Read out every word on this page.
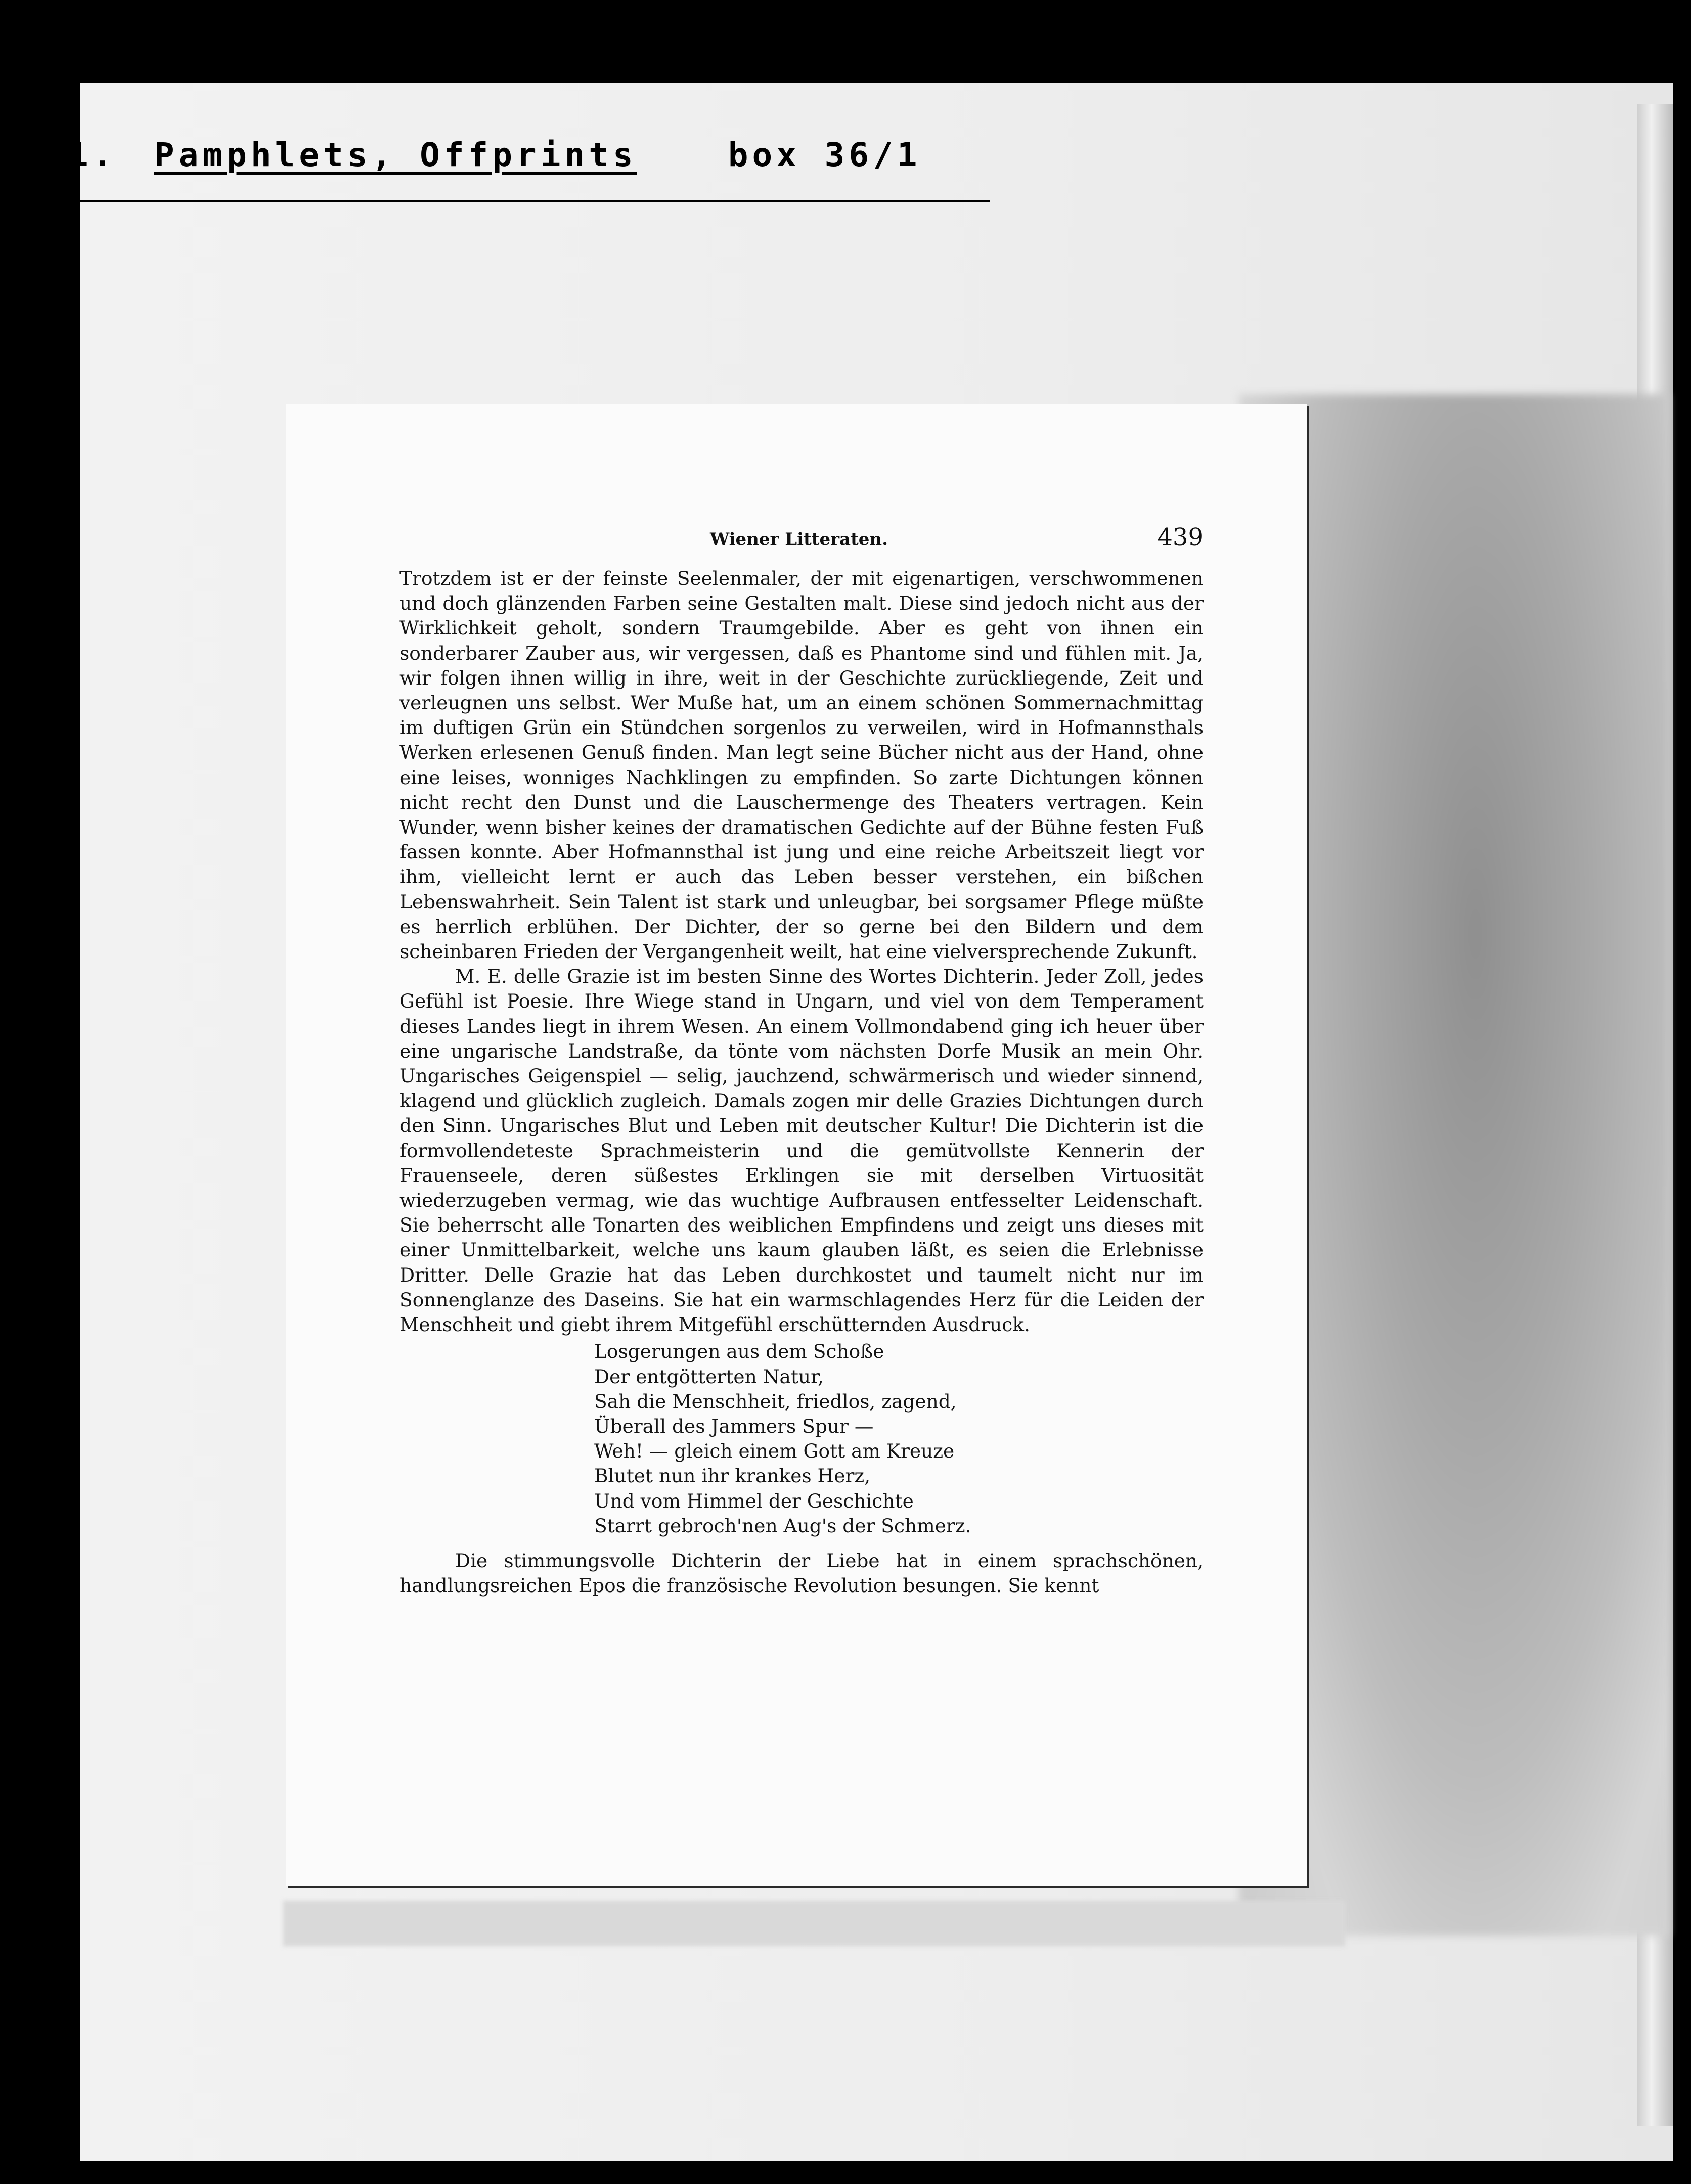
1. Pamphlets, Offprints	box 36/1
Wiener Litteraten.	439

Trotzdem ist er der feinste Seelenmaler, der mit eigenartigen, verschwommenen und doch glänzenden Farben seine Gestalten malt. Diese sind jedoch nicht aus der Wirklichkeit geholt, sondern Traumgebilde. Aber es geht von ihnen ein sonderbarer Zauber aus, wir vergessen, daß es Phantome sind und fühlen mit. Ja, wir folgen ihnen willig in ihre, weit in der Geschichte zurückliegende, Zeit und verleugnen uns selbst. Wer Muße hat, um an einem schönen Sommernachmittag im duftigen Grün ein Stündchen sorgenlos zu verweilen, wird in Hofmannsthals Werken erlesenen Genuß finden. Man legt seine Bücher nicht aus der Hand, ohne eine leises, wonniges Nachklingen zu empfinden. So zarte Dichtungen können nicht recht den Dunst und die Lauschermenge des Theaters vertragen. Kein Wunder, wenn bisher keines der dramatischen Gedichte auf der Bühne festen Fuß fassen konnte. Aber Hofmannsthal ist jung und eine reiche Arbeitszeit liegt vor ihm, vielleicht lernt er auch das Leben besser verstehen, ein bißchen Lebenswahrheit. Sein Talent ist stark und unleugbar, bei sorgsamer Pflege müßte es herrlich erblühen. Der Dichter, der so gerne bei den Bildern und dem scheinbaren Frieden der Vergangenheit weilt, hat eine vielversprechende Zukunft.

M. E. delle Grazie ist im besten Sinne des Wortes Dichterin. Jeder Zoll, jedes Gefühl ist Poesie. Ihre Wiege stand in Ungarn, und viel von dem Temperament dieses Landes liegt in ihrem Wesen. An einem Vollmondabend ging ich heuer über eine ungarische Landstraße, da tönte vom nächsten Dorfe Musik an mein Ohr. Ungarisches Geigenspiel — selig, jauchzend, schwärmerisch und wieder sinnend, klagend und glücklich zugleich. Damals zogen mir delle Grazies Dichtungen durch den Sinn. Ungarisches Blut und Leben mit deutscher Kultur! Die Dichterin ist die formvollendeteste Sprachmeisterin und die gemütvollste Kennerin der Frauenseele, deren süßestes Erklingen sie mit derselben Virtuosität wiederzugeben vermag, wie das wuchtige Aufbrausen entfesselter Leidenschaft. Sie beherrscht alle Tonarten des weiblichen Empfindens und zeigt uns dieses mit einer Unmittelbarkeit, welche uns kaum glauben läßt, es seien die Erlebnisse Dritter. Delle Grazie hat das Leben durchkostet und taumelt nicht nur im Sonnenglanze des Daseins. Sie hat ein warmschlagendes Herz für die Leiden der Menschheit und giebt ihrem Mitgefühl erschütternden Ausdruck.

Losgerungen aus dem Schoße
Der entgötterten Natur,
Sah die Menschheit, friedlos, zagend,
Überall des Jammers Spur —
Weh! — gleich einem Gott am Kreuze
Blutet nun ihr krankes Herz,
Und vom Himmel der Geschichte
Starrt gebroch'nen Aug's der Schmerz.

Die stimmungsvolle Dichterin der Liebe hat in einem sprachschönen, handlungsreichen Epos die französische Revolution besungen. Sie kennt
